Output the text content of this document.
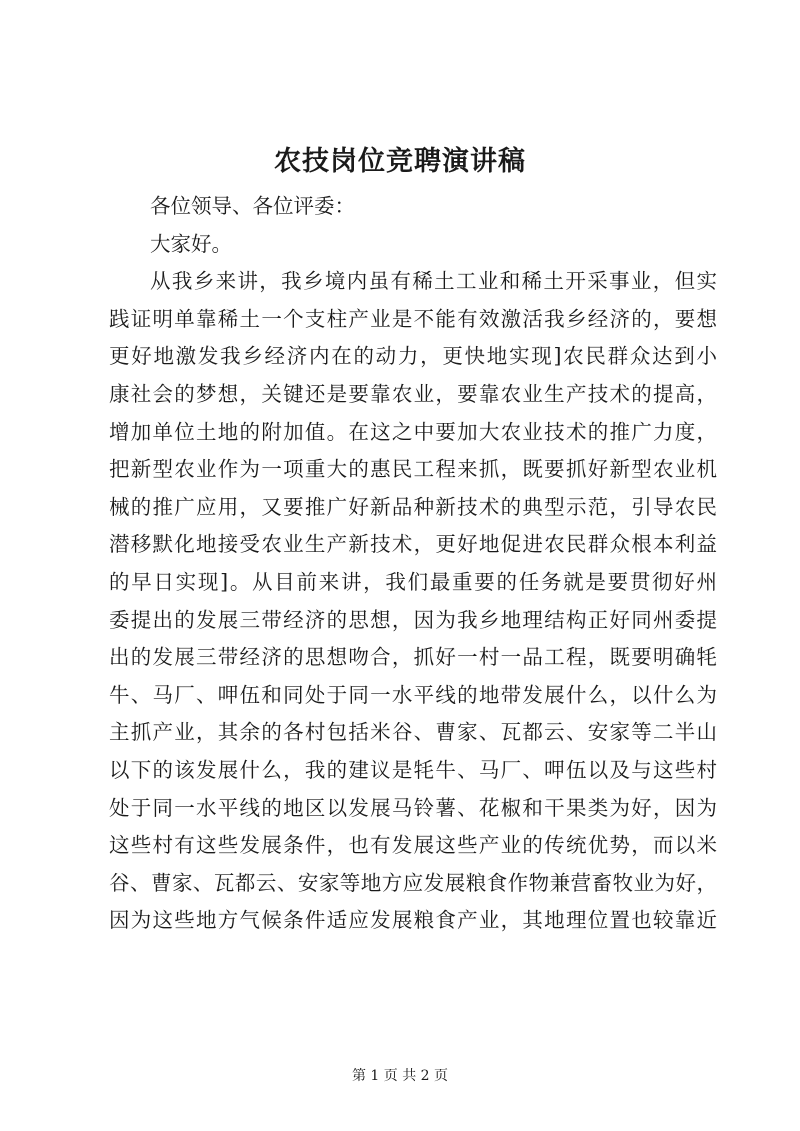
农技岗位竞聘演讲稿

各位领导、各位评委：

大家好。

从我乡来讲，我乡境内虽有稀土工业和稀土开采事业，但实
践证明单靠稀土一个支柱产业是不能有效激活我乡经济的，要想
更好地激发我乡经济内在的动力，更快地实现]农民群众达到小
康社会的梦想，关键还是要靠农业，要靠农业生产技术的提高，
增加单位土地的附加值。在这之中要加大农业技术的推广力度，
把新型农业作为一项重大的惠民工程来抓，既要抓好新型农业机
械的推广应用，又要推广好新品种新技术的典型示范，引导农民
潜移默化地接受农业生产新技术，更好地促进农民群众根本利益
的早日实现]。从目前来讲，我们最重要的任务就是要贯彻好州
委提出的发展三带经济的思想，因为我乡地理结构正好同州委提
出的发展三带经济的思想吻合，抓好一村一品工程，既要明确牦
牛、马厂、呷伍和同处于同一水平线的地带发展什么，以什么为
主抓产业，其余的各村包括米谷、曹家、瓦都云、安家等二半山
以下的该发展什么，我的建议是牦牛、马厂、呷伍以及与这些村
处于同一水平线的地区以发展马铃薯、花椒和干果类为好，因为
这些村有这些发展条件，也有发展这些产业的传统优势，而以米
谷、曹家、瓦都云、安家等地方应发展粮食作物兼营畜牧业为好，
因为这些地方气候条件适应发展粮食产业，其地理位置也较靠近
第 1 页 共 2 页
